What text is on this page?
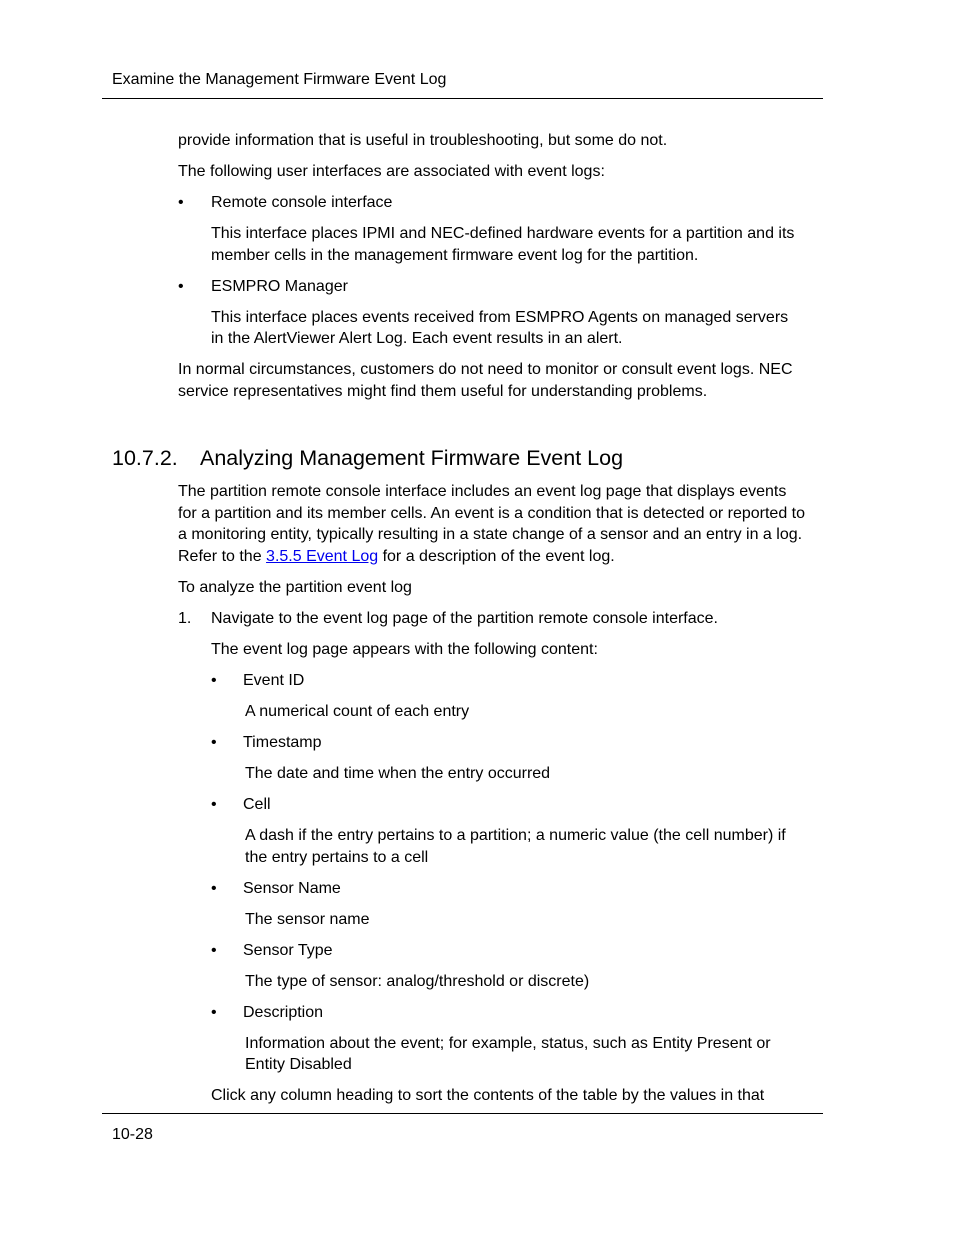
Examine the Management Firmware Event Log
provide information that is useful in troubleshooting, but some do not.
The following user interfaces are associated with event logs:
• Remote console interface
This interface places IPMI and NEC-defined hardware events for a partition and its
member cells in the management firmware event log for the partition.
• ESMPRO Manager
This interface places events received from ESMPRO Agents on managed servers
in the AlertViewer Alert Log. Each event results in an alert.
In normal circumstances, customers do not need to monitor or consult event logs. NEC
service representatives might find them useful for understanding problems.
10.7.2. Analyzing Management Firmware Event Log
The partition remote console interface includes an event log page that displays events
for a partition and its member cells. An event is a condition that is detected or reported to
a monitoring entity, typically resulting in a state change of a sensor and an entry in a log.
Refer to the 3.5.5 Event Log for a description of the event log.
To analyze the partition event log
1. Navigate to the event log page of the partition remote console interface.
The event log page appears with the following content:
• Event ID
A numerical count of each entry
• Timestamp
The date and time when the entry occurred
• Cell
A dash if the entry pertains to a partition; a numeric value (the cell number) if
the entry pertains to a cell
• Sensor Name
The sensor name
• Sensor Type
The type of sensor: analog/threshold or discrete)
• Description
Information about the event; for example, status, such as Entity Present or
Entity Disabled
Click any column heading to sort the contents of the table by the values in that
10-28
